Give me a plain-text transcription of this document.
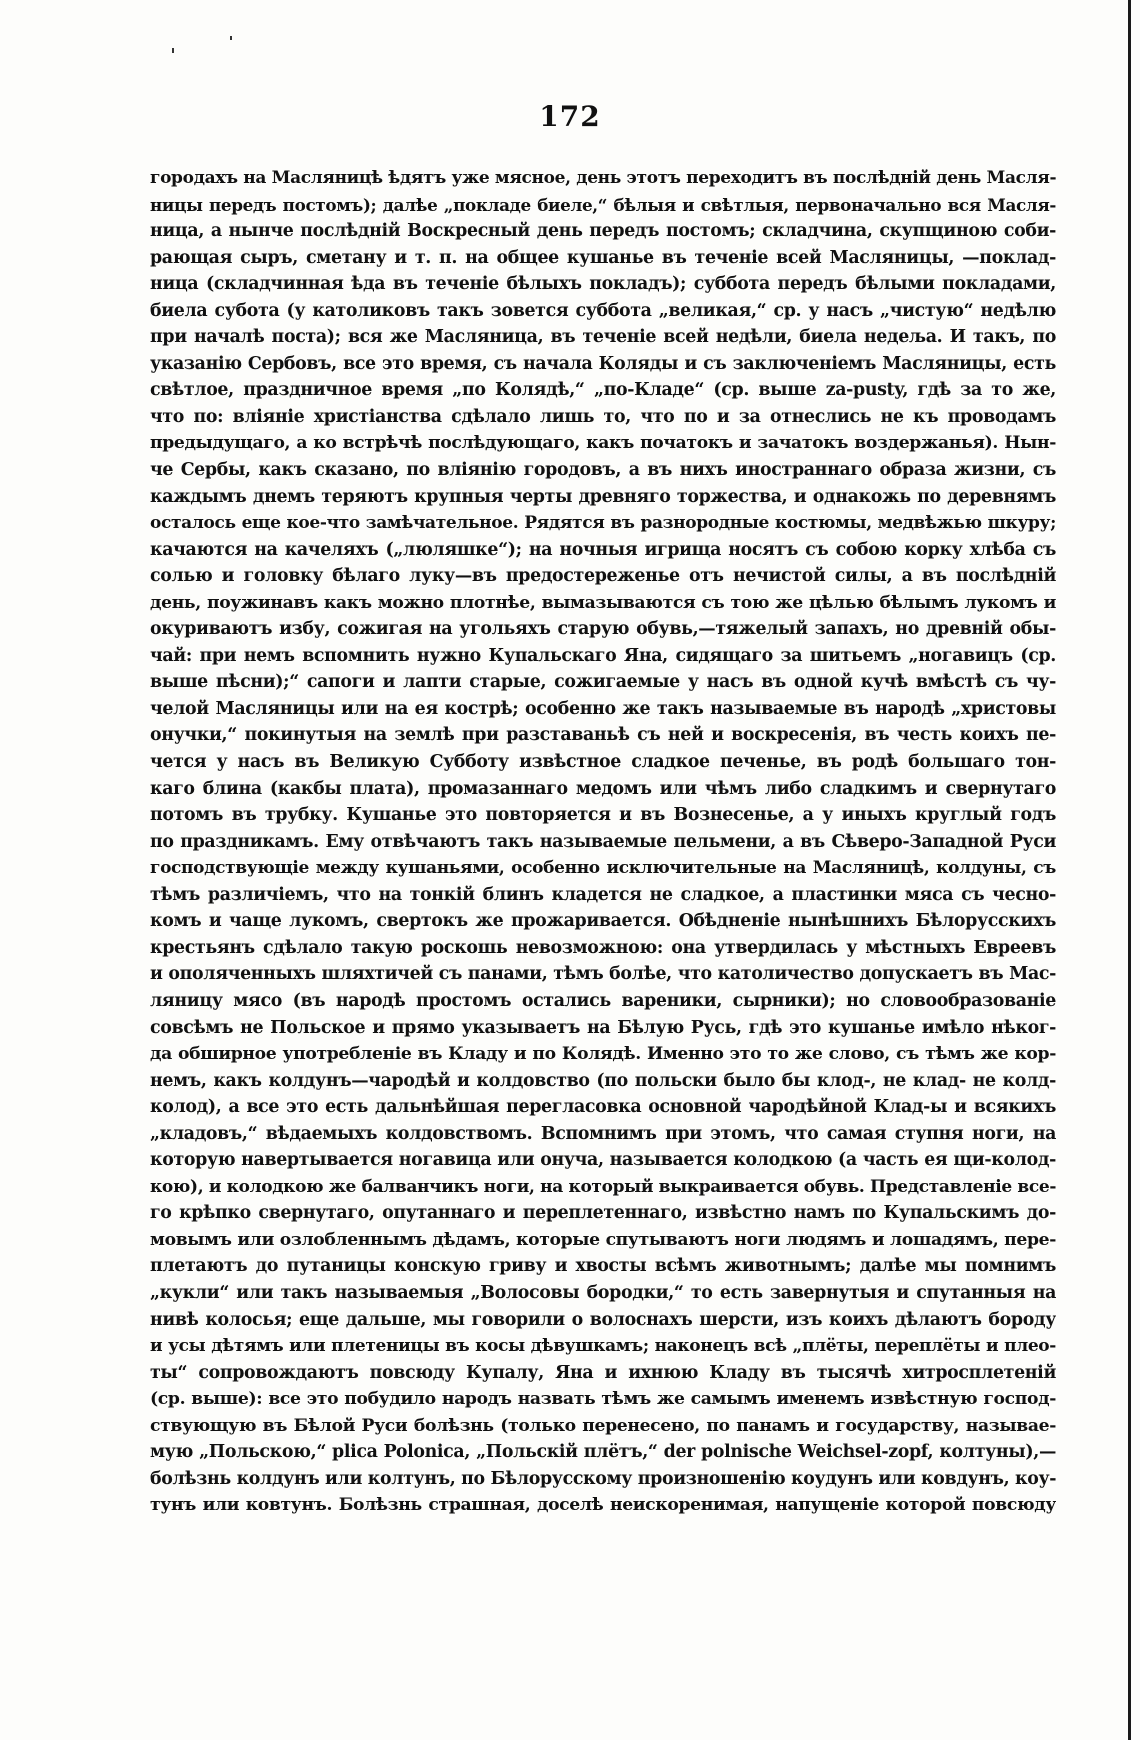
172
городахъ на Масляницѣ ѣдятъ уже мясное, день этотъ переходитъ въ послѣдній день Масля-
ницы передъ постомъ); далѣе „покладе биеле,“ бѣлыя и свѣтлыя, первоначально вся Масля-
ница, а нынче послѣдній Воскресный день передъ постомъ; складчина, скупщиною соби-
рающая сыръ, сметану и т. п. на общее кушанье въ теченіе всей Масляницы, —поклад-
ница (складчинная ѣда въ теченіе бѣлыхъ покладъ); суббота передъ бѣлыми покладами,
биела субота (у католиковъ такъ зовется суббота „великая,“ ср. у насъ „чистую“ недѣлю
при началѣ поста); вся же Масляница, въ теченіе всей недѣли, биела недеља. И такъ, по
указанію Сербовъ, все это время, съ начала Коляды и съ заключеніемъ Масляницы, есть
свѣтлое, праздничное время „по Колядѣ,“ „по-Кладе“ (ср. выше za-pusty, гдѣ за то же,
что по: вліяніе христіанства сдѣлало лишь то, что по и за отнеслись не къ проводамъ
предыдущаго, а ко встрѣчѣ послѣдующаго, какъ початокъ и зачатокъ воздержанья). Нын-
че Сербы, какъ сказано, по вліянію городовъ, а въ нихъ иностраннаго образа жизни, съ
каждымъ днемъ теряютъ крупныя черты древняго торжества, и однакожь по деревнямъ
осталось еще кое-что замѣчательное. Рядятся въ разнородные костюмы, медвѣжью шкуру;
качаются на качеляхъ („люляшке“); на ночныя игрища носятъ съ собою корку хлѣба съ
солью и головку бѣлаго луку—въ предостереженье отъ нечистой силы, а въ послѣдній
день, поужинавъ какъ можно плотнѣе, вымазываются съ тою же цѣлью бѣлымъ лукомъ и
окуриваютъ избу, сожигая на угольяхъ старую обувь,—тяжелый запахъ, но древній обы-
чай: при немъ вспомнить нужно Купальскаго Яна, сидящаго за шитьемъ „ногавицъ (ср.
выше пѣсни);“ сапоги и лапти старые, сожигаемые у насъ въ одной кучѣ вмѣстѣ съ чу-
челой Масляницы или на ея кострѣ; особенно же такъ называемые въ народѣ „христовы
онучки,“ покинутыя на землѣ при разставаньѣ съ ней и воскресенія, въ честь коихъ пе-
чется у насъ въ Великую Субботу извѣстное сладкое печенье, въ родѣ большаго тон-
каго блина (какбы плата), промазаннаго медомъ или чѣмъ либо сладкимъ и свернутаго
потомъ въ трубку. Кушанье это повторяется и въ Вознесенье, а у иныхъ круглый годъ
по праздникамъ. Ему отвѣчаютъ такъ называемые пельмени, а въ Сѣверо-Западной Руси
господствующіе между кушаньями, особенно исключительные на Масляницѣ, колдуны, съ
тѣмъ различіемъ, что на тонкій блинъ кладется не сладкое, а пластинки мяса съ чесно-
комъ и чаще лукомъ, свертокъ же прожаривается. Обѣдненіе нынѣшнихъ Бѣлорусскихъ
крестьянъ сдѣлало такую роскошь невозможною: она утвердилась у мѣстныхъ Евреевъ
и ополяченныхъ шляхтичей съ панами, тѣмъ болѣе, что католичество допускаетъ въ Мас-
ляницу мясо (въ народѣ простомъ остались вареники, сырники); но словообразованіе
совсѣмъ не Польское и прямо указываетъ на Бѣлую Русь, гдѣ это кушанье имѣло нѣког-
да обширное употребленіе въ Кладу и по Колядѣ. Именно это то же слово, съ тѣмъ же кор-
немъ, какъ колдунъ—чародѣй и колдовство (по польски было бы клод-, не клад- не колд-
колод), а все это есть дальнѣйшая перегласовка основной чародѣйной Клад-ы и всякихъ
„кладовъ,“ вѣдаемыхъ колдовствомъ. Вспомнимъ при этомъ, что самая ступня ноги, на
которую навертывается ногавица или онуча, называется колодкою (а часть ея щи-колод-
кою), и колодкою же балванчикъ ноги, на который выкраивается обувь. Представленіе все-
го крѣпко свернутаго, опутаннаго и переплетеннаго, извѣстно намъ по Купальскимъ до-
мовымъ или озлобленнымъ дѣдамъ, которые спутываютъ ноги людямъ и лошадямъ, пере-
плетаютъ до путаницы конскую гриву и хвосты всѣмъ животнымъ; далѣе мы помнимъ
„кукли“ или такъ называемыя „Волосовы бородки,“ то есть завернутыя и спутанныя на
нивѣ колосья; еще дальше, мы говорили о волоснахъ шерсти, изъ коихъ дѣлаютъ бороду
и усы дѣтямъ или плетеницы въ косы дѣвушкамъ; наконецъ всѣ „плёты, переплёты и плео-
ты“ сопровождаютъ повсюду Купалу, Яна и ихнюю Кладу въ тысячѣ хитросплетеній
(ср. выше): все это побудило народъ назвать тѣмъ же самымъ именемъ извѣстную господ-
ствующую въ Бѣлой Руси болѣзнь (только перенесено, по панамъ и государству, называе-
мую „Польскою,“ plica Polonica, „Польскій плётъ,“ der polnische Weichsel-zopf, колтуны),—
болѣзнь колдунъ или колтунъ, по Бѣлорусскому произношенію коудунъ или ковдунъ, коу-
тунъ или ковтунъ. Болѣзнь страшная, доселѣ неискоренимая, напущеніе которой повсюду
